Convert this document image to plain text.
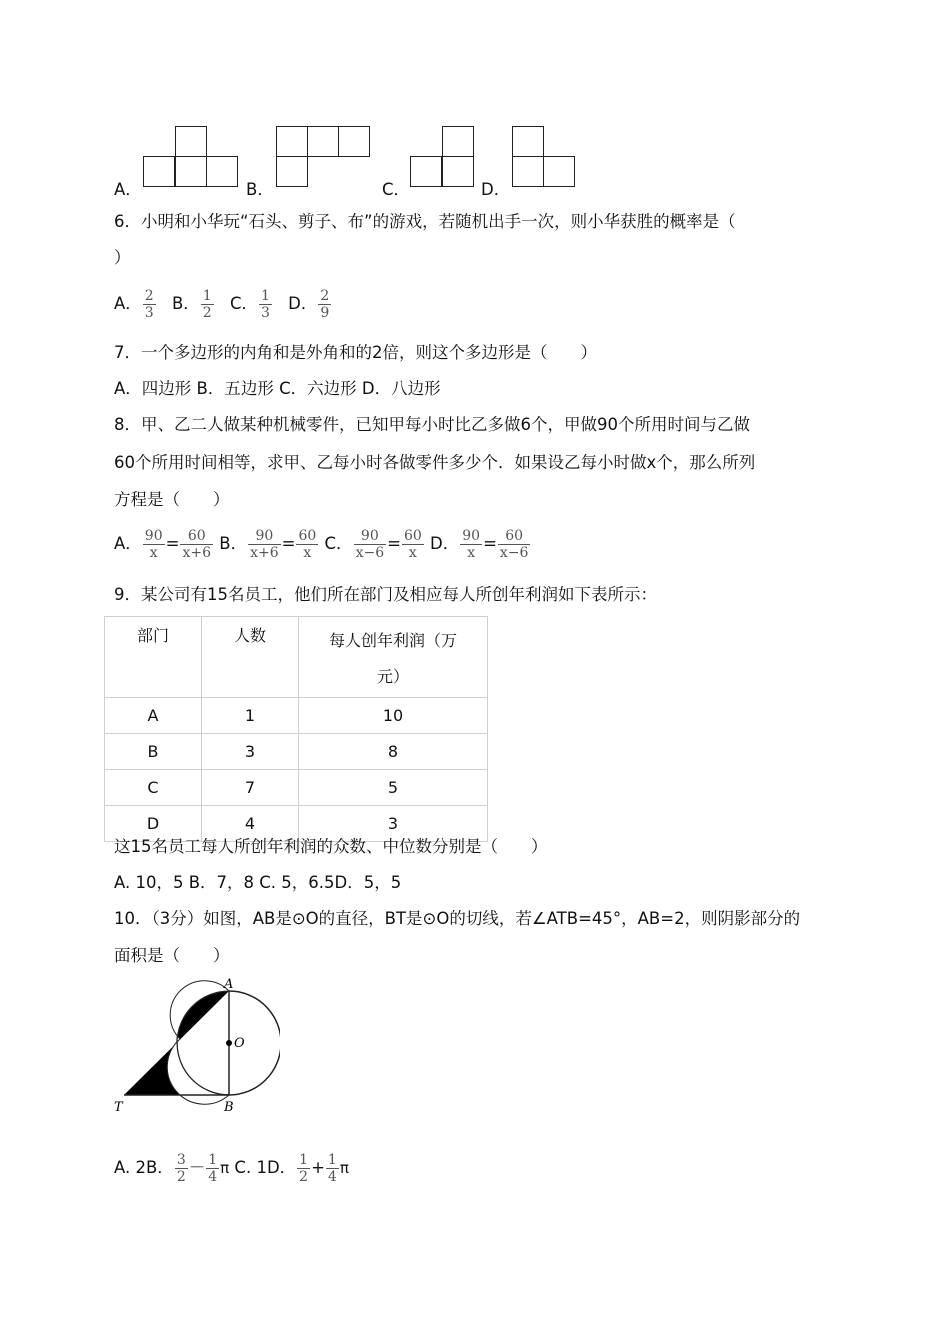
A．	B．	C．	D．
6．小明和小华玩“石头、剪子、布”的游戏，若随机出手一次，则小华获胜的概率是（
）
A． $\frac{2}{3}$ B． $\frac{1}{2}$ C． $\frac{1}{3}$ D． $\frac{2}{9}$
7．一个多边形的内角和是外角和的2倍，则这个多边形是（　　）
A．四边形 B．五边形 C．六边形 D．八边形
8．甲、乙二人做某种机械零件，已知甲每小时比乙多做6个，甲做90个所用时间与乙做
60个所用时间相等，求甲、乙每小时各做零件多少个．如果设乙每小时做x个，那么所列
方程是（　　）
A． $\frac{90}{x} = \frac{60}{x+6}$ B． $\frac{90}{x+6} = \frac{60}{x}$ C． $\frac{90}{x-6} = \frac{60}{x}$ D． $\frac{90}{x} = \frac{60}{x-6}$
9．某公司有15名员工，他们所在部门及相应每人所创年利润如下表所示：
部门	人数	每人创年利润（万
元）

A	1	10
B	3	8
C	7	5
D	4	3
这15名员工每人所创年利润的众数、中位数分别是（　　）
A. 10，5 B．7，8 C. 5，6.5D．5，5
10．（3分）如图，AB是⊙O的直径，BT是⊙O的切线，若∠ATB=45°，AB=2，则阴影部分的
面积是（　　）
A
O
T	B
A. 2B． $\frac{3}{2} - \frac{1}{4}$ π C. 1D． $\frac{1}{2} + \frac{1}{4}$ π
